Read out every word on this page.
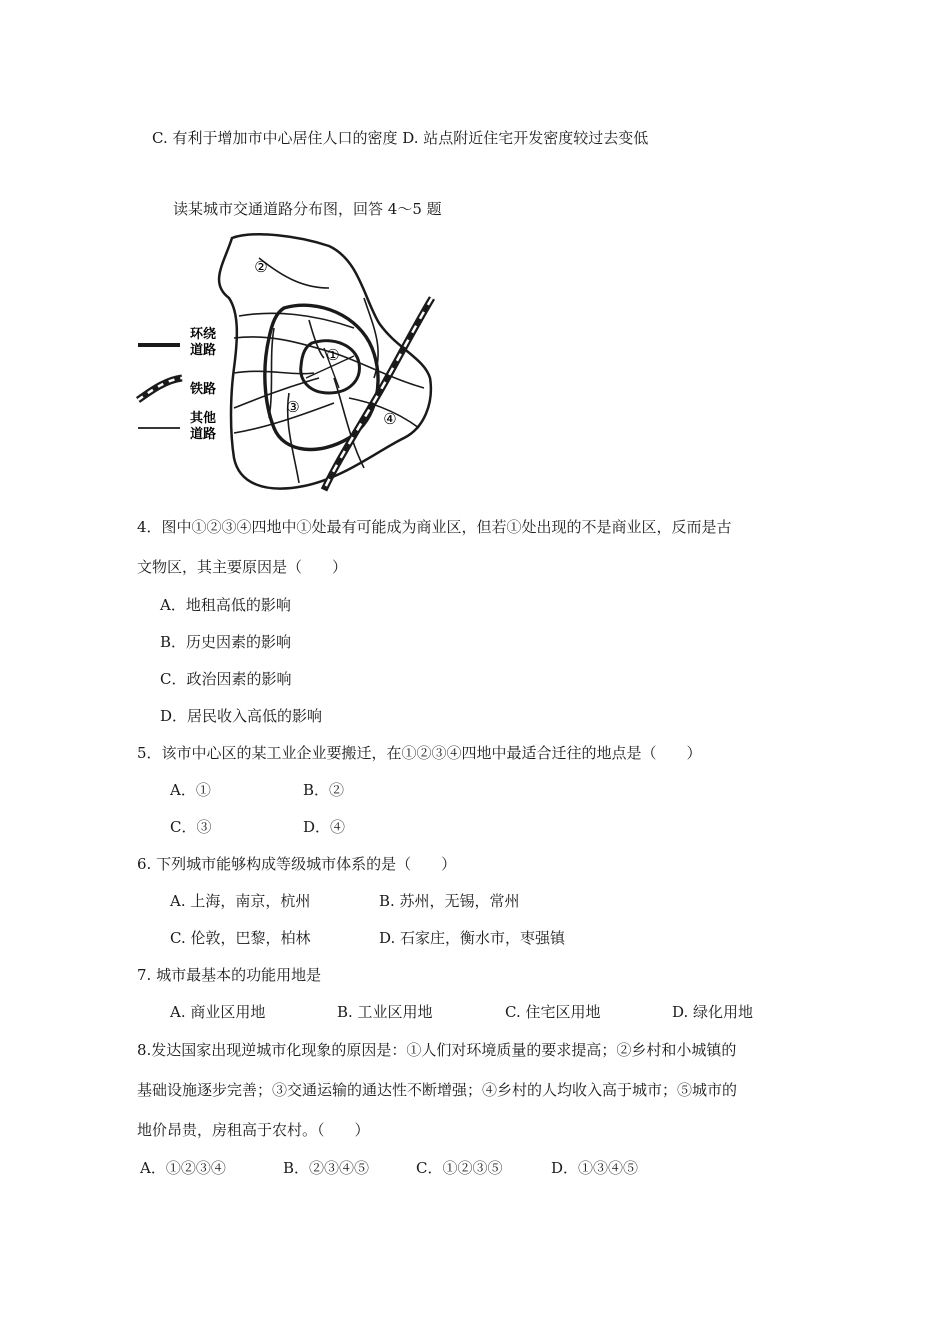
C. 有利于增加市中心居住人口的密度 D. 站点附近住宅开发密度较过去变低
读某城市交通道路分布图，回答 4～5 题
环绕
道路
铁路
其他
道路
①
②
③
④
4．图中①②③④四地中①处最有可能成为商业区，但若①处出现的不是商业区，反而是古
文物区，其主要原因是（　　）
A．地租高低的影响
B．历史因素的影响
C．政治因素的影响
D．居民收入高低的影响
5．该市中心区的某工业企业要搬迁，在①②③④四地中最适合迁往的地点是（　　）
A．①	B．②
C．③	D．④
6. 下列城市能够构成等级城市体系的是（　　）
A. 上海，南京，杭州	B. 苏州，无锡，常州
C. 伦敦，巴黎，柏林	D. 石家庄，衡水市，枣强镇
7. 城市最基本的功能用地是
A. 商业区用地	B. 工业区用地	C. 住宅区用地	D. 绿化用地
8.发达国家出现逆城市化现象的原因是：①人们对环境质量的要求提高；②乡村和小城镇的
基础设施逐步完善；③交通运输的通达性不断增强；④乡村的人均收入高于城市；⑤城市的
地价昂贵，房租高于农村。（　　）
A．①②③④	B．②③④⑤	C．①②③⑤	D．①③④⑤
